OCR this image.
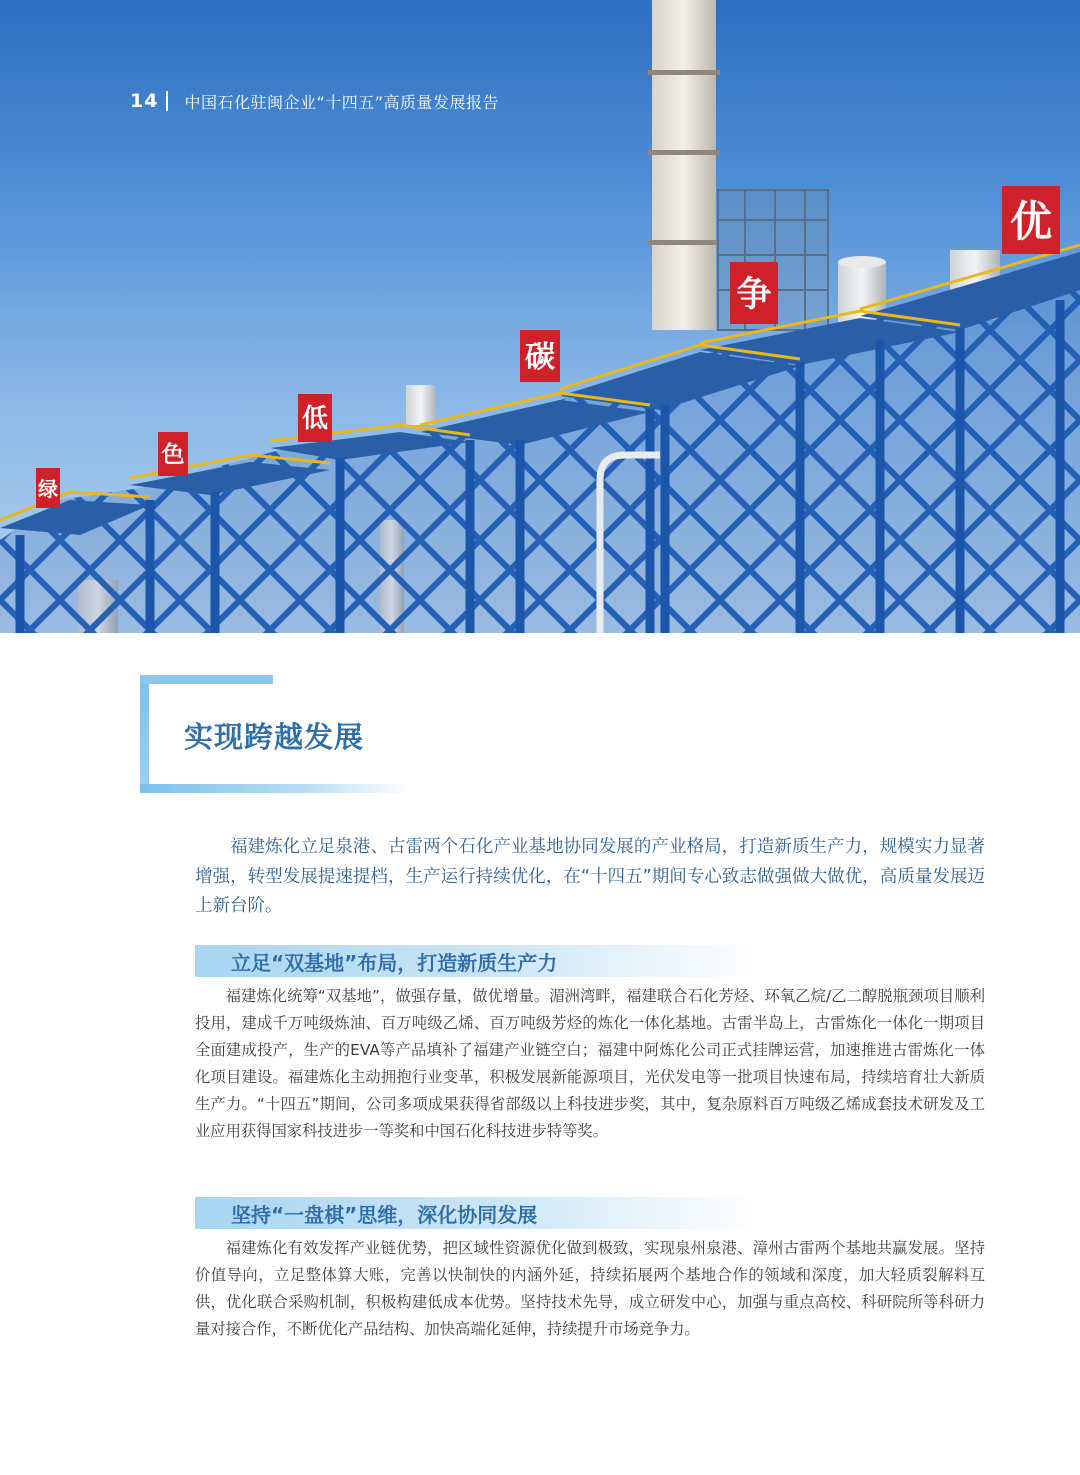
绿
色
低
碳
争
优
14 中国石化驻闽企业“十四五”高质量发展报告
实现跨越发展

福建炼化立足泉港、古雷两个石化产业基地协同发展的产业格局，打造新质生产力，规模实力显著增强，转型发展提速提档，生产运行持续优化，在“十四五”期间专心致志做强做大做优，高质量发展迈上新台阶。

立足“双基地”布局，打造新质生产力

福建炼化统筹“双基地”，做强存量，做优增量。湄洲湾畔，福建联合石化芳烃、环氧乙烷/乙二醇脱瓶颈项目顺利投用，建成千万吨级炼油、百万吨级乙烯、百万吨级芳烃的炼化一体化基地。古雷半岛上，古雷炼化一体化一期项目全面建成投产，生产的EVA等产品填补了福建产业链空白；福建中阿炼化公司正式挂牌运营，加速推进古雷炼化一体化项目建设。福建炼化主动拥抱行业变革，积极发展新能源项目，光伏发电等一批项目快速布局，持续培育壮大新质生产力。“十四五”期间，公司多项成果获得省部级以上科技进步奖，其中，复杂原料百万吨级乙烯成套技术研发及工业应用获得国家科技进步一等奖和中国石化科技进步特等奖。

坚持“一盘棋”思维，深化协同发展

福建炼化有效发挥产业链优势，把区域性资源优化做到极致，实现泉州泉港、漳州古雷两个基地共赢发展。坚持价值导向，立足整体算大账，完善以快制快的内涵外延，持续拓展两个基地合作的领域和深度，加大轻质裂解料互供，优化联合采购机制，积极构建低成本优势。坚持技术先导，成立研发中心，加强与重点高校、科研院所等科研力量对接合作，不断优化产品结构、加快高端化延伸，持续提升市场竞争力。
